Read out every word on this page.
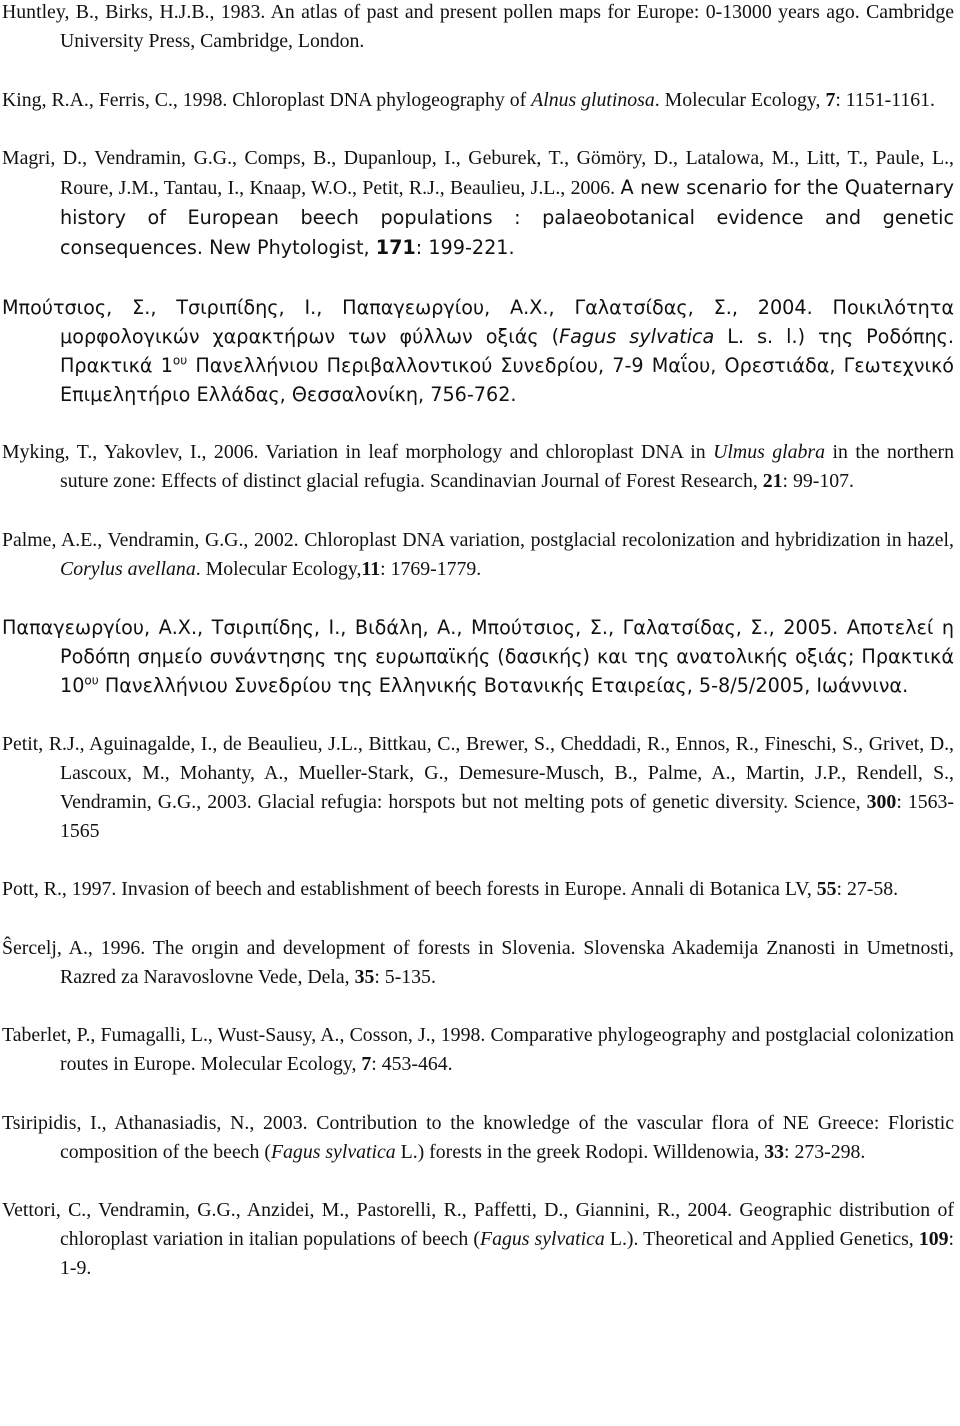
Huntley, B., Birks, H.J.B., 1983. An atlas of past and present pollen maps for Europe: 0-13000 years ago. Cambridge University Press, Cambridge, London.

King, R.A., Ferris, C., 1998. Chloroplast DNA phylogeography of Alnus glutinosa. Molecular Ecology, 7: 1151-1161.

Magri, D., Vendramin, G.G., Comps, B., Dupanloup, I., Geburek, T., Gömöry, D., Latalowa, M., Litt, T., Paule, L., Roure, J.M., Tantau, I., Knaap, W.O., Petit, R.J., Beaulieu, J.L., 2006. A new scenario for the Quaternary history of European beech populations : palaeobotanical evidence and genetic consequences. New Phytologist, 171: 199-221.

Μπούτσιος, Σ., Τσιριπίδης, Ι., Παπαγεωργίου, Α.Χ., Γαλατσίδας, Σ., 2004. Ποικιλότητα μορφολογικών χαρακτήρων των φύλλων οξιάς (Fagus sylvatica L. s. l.) της Ροδόπης. Πρακτικά $1^{o\upsilon}$ Πανελλήνιου Περιβαλλοντικού Συνεδρίου, 7-9 Μαΐου, Ορεστιάδα, Γεωτεχνικό Επιμελητήριο Ελλάδας, Θεσσαλονίκη, 756-762.

Myking, T., Yakovlev, I., 2006. Variation in leaf morphology and chloroplast DNA in Ulmus glabra in the northern suture zone: Effects of distinct glacial refugia. Scandinavian Journal of Forest Research, 21: 99-107.

Palme, A.E., Vendramin, G.G., 2002. Chloroplast DNA variation, postglacial recolonization and hybridization in hazel, Corylus avellana. Molecular Ecology,11: 1769-1779.

Παπαγεωργίου, Α.Χ., Τσιριπίδης, Ι., Βιδάλη, Α., Μπούτσιος, Σ., Γαλατσίδας, Σ., 2005. Αποτελεί η Ροδόπη σημείο συνάντησης της ευρωπαϊκής (δασικής) και της ανατολικής οξιάς; Πρακτικά $10^{o\upsilon}$ Πανελλήνιου Συνεδρίου της Ελληνικής Βοτανικής Εταιρείας, 5-8/5/2005, Ιωάννινα.

Petit, R.J., Aguinagalde, I., de Beaulieu, J.L., Bittkau, C., Brewer, S., Cheddadi, R., Ennos, R., Fineschi, S., Grivet, D., Lascoux, M., Mohanty, A., Mueller-Stark, G., Demesure-Musch, B., Palme, A., Martin, J.P., Rendell, S., Vendramin, G.G., 2003. Glacial refugia: horspots but not melting pots of genetic diversity. Science, 300: 1563-1565

Pott, R., 1997. Invasion of beech and establishment of beech forests in Europe. Annali di Botanica LV, 55: 27-58.

Ŝercelj, A., 1996. The orıgin and development of forests in Slovenia. Slovenska Akademija Znanosti in Umetnosti, Razred za Naravoslovne Vede, Dela, 35: 5-135.

Taberlet, P., Fumagalli, L., Wust-Sausy, A., Cosson, J., 1998. Comparative phylogeography and postglacial colonization routes in Europe. Molecular Ecology, 7: 453-464.

Tsiripidis, I., Athanasiadis, N., 2003. Contribution to the knowledge of the vascular flora of NE Greece: Floristic composition of the beech (Fagus sylvatica L.) forests in the greek Rodopi. Willdenowia, 33: 273-298.

Vettori, C., Vendramin, G.G., Anzidei, M., Pastorelli, R., Paffetti, D., Giannini, R., 2004. Geographic distribution of chloroplast variation in italian populations of beech (Fagus sylvatica L.). Theoretical and Applied Genetics, 109: 1-9.
